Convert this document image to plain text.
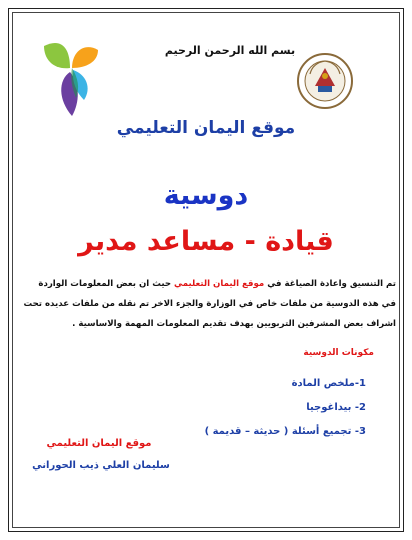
بسم الله الرحمن الرحيم
موقع اليمان التعليمي
دوسية
قيادة - مساعد مدير
تم التنسيق واعادة الصياغة في موقع اليمان التعليمي حيث ان بعض المعلومات الواردة
في هذه الدوسية من ملفات خاص في الوزارة والجزء الاخر تم نقله من ملفات عديده تحت
اشراف بعض المشرفين التربويين بهدف تقديم المعلومات المهمة والاساسية .
مكونات الدوسية
1-ملخص المادة
2- بيداغوجيا
3- تجميع أسئلة ( حديثة – قديمة )
موقع اليمان التعليمي
سليمان العلي ذيب الحوراني
